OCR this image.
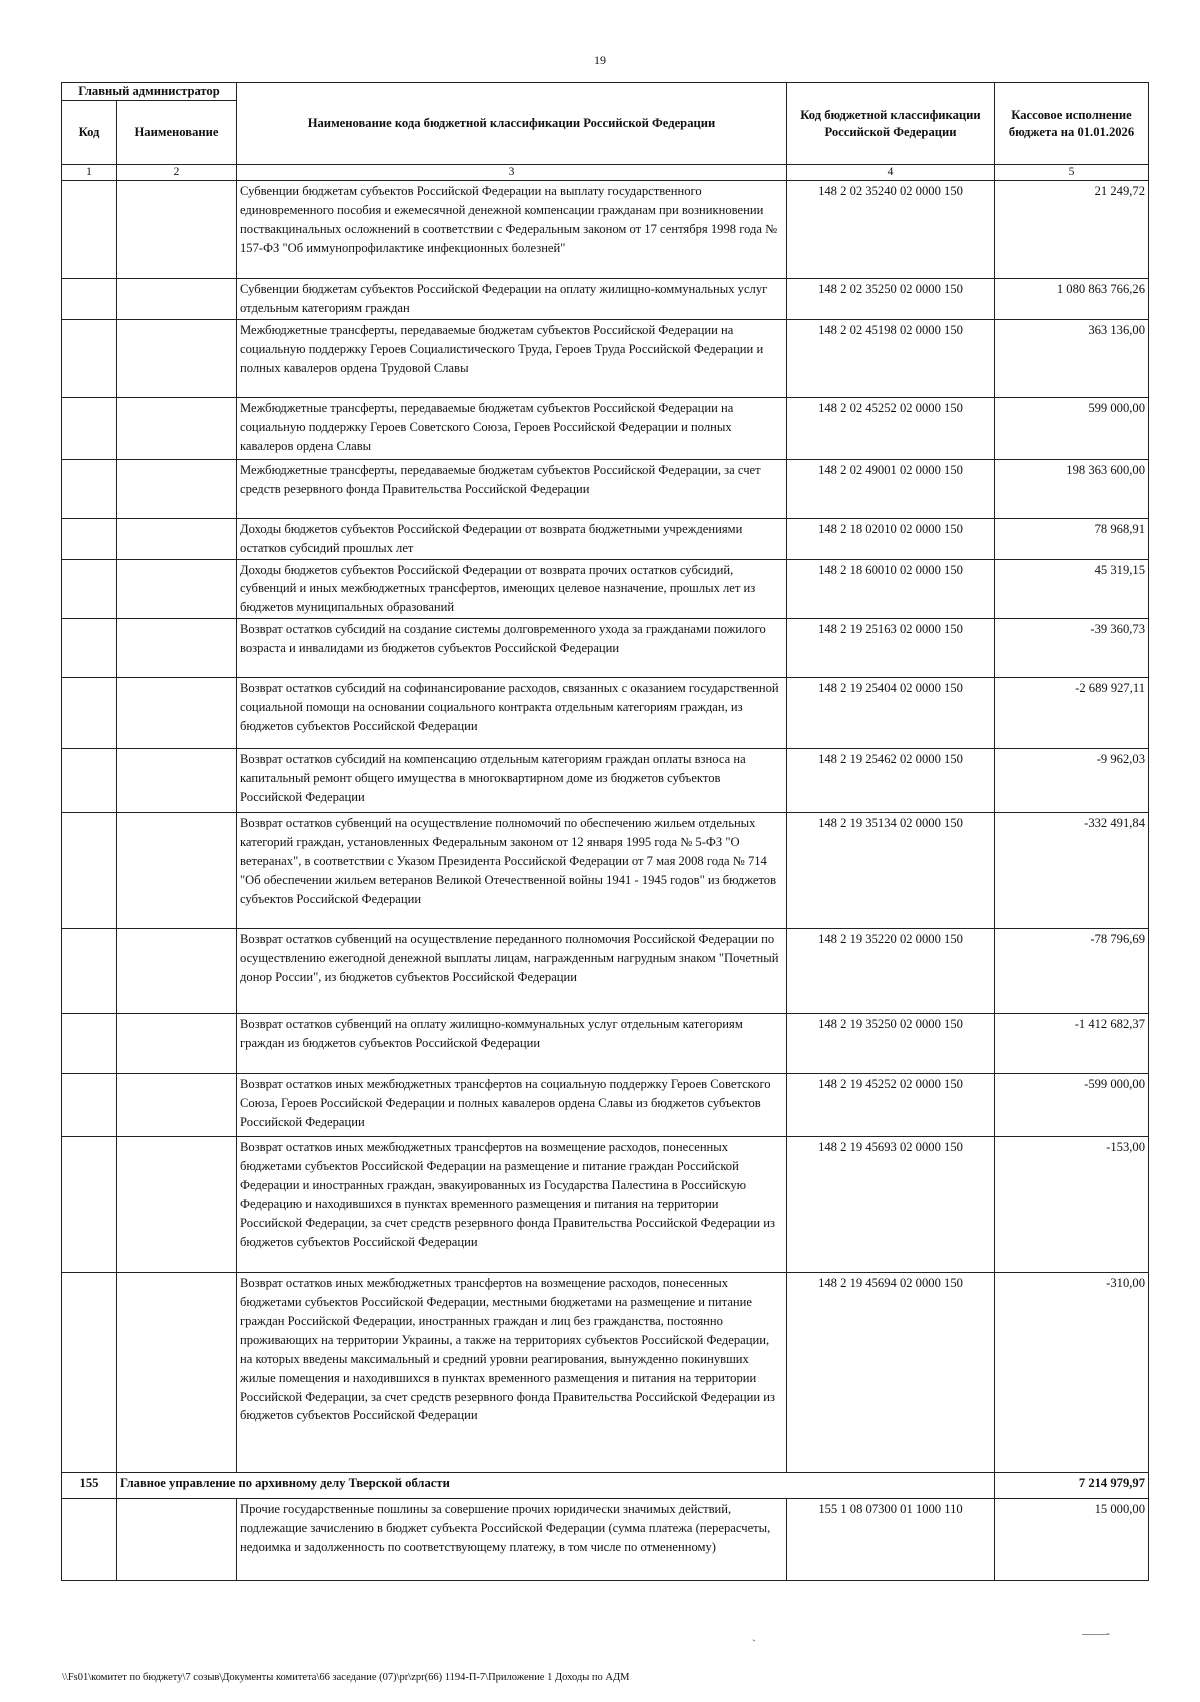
19
Главный администратор		Наименование кода бюджетной классификации Российской Федерации	Код бюджетной классификации Российской Федерации	Кассовое исполнение бюджета на 01.01.2026
Код	Наименование			
1	2	3	4	5
		Субвенции бюджетам субъектов Российской Федерации на выплату государственного единовременного пособия и ежемесячной денежной компенсации гражданам при возникновении поствакцинальных осложнений в соответствии с Федеральным законом от 17 сентября 1998 года № 157-ФЗ "Об иммунопрофилактике инфекционных болезней"	148 2 02 35240 02 0000 150	21 249,72
		Субвенции бюджетам субъектов Российской Федерации на оплату жилищно-коммунальных услуг отдельным категориям граждан	148 2 02 35250 02 0000 150	1 080 863 766,26
		Межбюджетные трансферты, передаваемые бюджетам субъектов Российской Федерации на социальную поддержку Героев Социалистического Труда, Героев Труда Российской Федерации и полных кавалеров ордена Трудовой Славы	148 2 02 45198 02 0000 150	363 136,00
		Межбюджетные трансферты, передаваемые бюджетам субъектов Российской Федерации на социальную поддержку Героев Советского Союза, Героев Российской Федерации и полных кавалеров ордена Славы	148 2 02 45252 02 0000 150	599 000,00
		Межбюджетные трансферты, передаваемые бюджетам субъектов Российской Федерации, за счет средств резервного фонда Правительства Российской Федерации	148 2 02 49001 02 0000 150	198 363 600,00
		Доходы бюджетов субъектов Российской Федерации от возврата бюджетными учреждениями остатков субсидий прошлых лет	148 2 18 02010 02 0000 150	78 968,91
		Доходы бюджетов субъектов Российской Федерации от возврата прочих остатков субсидий, субвенций и иных межбюджетных трансфертов, имеющих целевое назначение, прошлых лет из бюджетов муниципальных образований	148 2 18 60010 02 0000 150	45 319,15
		Возврат остатков субсидий на создание системы долговременного ухода за гражданами пожилого возраста и инвалидами из бюджетов субъектов Российской Федерации	148 2 19 25163 02 0000 150	-39 360,73
		Возврат остатков субсидий на софинансирование расходов, связанных с оказанием государственной социальной помощи на основании социального контракта отдельным категориям граждан, из бюджетов субъектов Российской Федерации	148 2 19 25404 02 0000 150	-2 689 927,11
		Возврат остатков субсидий на компенсацию отдельным категориям граждан оплаты взноса на капитальный ремонт общего имущества в многоквартирном доме из бюджетов субъектов Российской Федерации	148 2 19 25462 02 0000 150	-9 962,03
		Возврат остатков субвенций на осуществление полномочий по обеспечению жильем отдельных категорий граждан, установленных Федеральным законом от 12 января 1995 года № 5-ФЗ "О ветеранах", в соответствии с Указом Президента Российской Федерации от 7 мая 2008 года № 714 "Об обеспечении жильем ветеранов Великой Отечественной войны 1941 - 1945 годов" из бюджетов субъектов Российской Федерации	148 2 19 35134 02 0000 150	-332 491,84
		Возврат остатков субвенций на осуществление переданного полномочия Российской Федерации по осуществлению ежегодной денежной выплаты лицам, награжденным нагрудным знаком "Почетный донор России", из бюджетов субъектов Российской Федерации	148 2 19 35220 02 0000 150	-78 796,69
		Возврат остатков субвенций на оплату жилищно-коммунальных услуг отдельным категориям граждан из бюджетов субъектов Российской Федерации	148 2 19 35250 02 0000 150	-1 412 682,37
		Возврат остатков иных межбюджетных трансфертов на социальную поддержку Героев Советского Союза, Героев Российской Федерации и полных кавалеров ордена Славы из бюджетов субъектов Российской Федерации	148 2 19 45252 02 0000 150	-599 000,00
		Возврат остатков иных межбюджетных трансфертов на возмещение расходов, понесенных бюджетами субъектов Российской Федерации на размещение и питание граждан Российской Федерации и иностранных граждан, эвакуированных из Государства Палестина в Российскую Федерацию и находившихся в пунктах временного размещения и питания на территории Российской Федерации, за счет средств резервного фонда Правительства Российской Федерации из бюджетов субъектов Российской Федерации	148 2 19 45693 02 0000 150	-153,00
		Возврат остатков иных межбюджетных трансфертов на возмещение расходов, понесенных бюджетами субъектов Российской Федерации, местными бюджетами на размещение и питание граждан Российской Федерации, иностранных граждан и лиц без гражданства, постоянно проживающих на территории Украины, а также на территориях субъектов Российской Федерации, на которых введены максимальный и средний уровни реагирования, вынужденно покинувших жилые помещения и находившихся в пунктах временного размещения и питания на территории Российской Федерации, за счет средств резервного фонда Правительства Российской Федерации из бюджетов субъектов Российской Федерации	148 2 19 45694 02 0000 150	-310,00
155	Главное управление по архивному делу Тверской области			7 214 979,97
		Прочие государственные пошлины за совершение прочих юридически значимых действий, подлежащие зачислению в бюджет субъекта Российской Федерации (сумма платежа (перерасчеты, недоимка и задолженность по соответствующему платежу, в том числе по отмененному)	155 1 08 07300 01 1000 110	15 000,00
ˎ	——‒-
\\Fs01\комитет по бюджету\7 созыв\Документы комитета\66 заседание (07)\pr\zpr(66) 1194-П-7\Приложение 1 Доходы по АДМ
